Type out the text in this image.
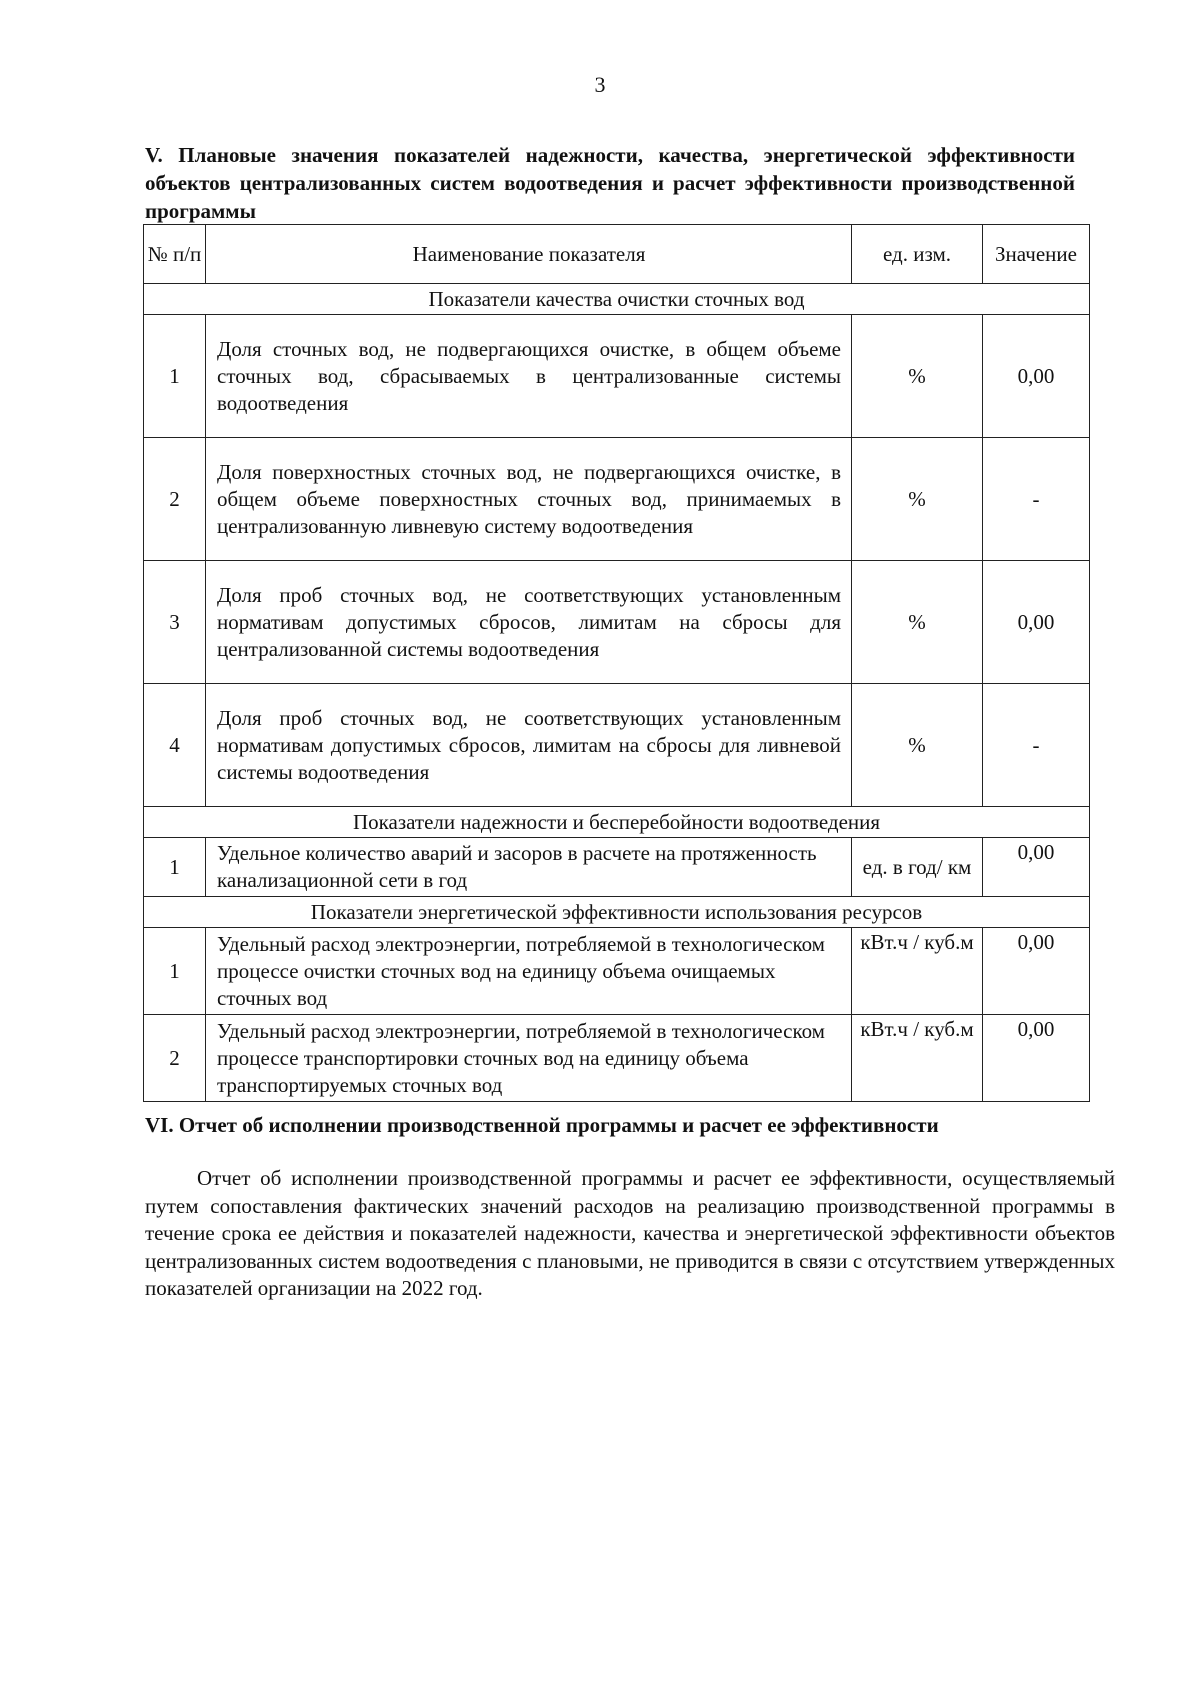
3
V. Плановые значения показателей надежности, качества, энергетической эффективности объектов централизованных систем водоотведения и расчет эффективности производственной программы
№ п/п	Наименование показателя	ед. изм.	Значение
Показатели качества очистки сточных вод			
1	Доля сточных вод, не подвергающихся очистке, в общем объеме сточных вод, сбрасываемых в централизованные системы водоотведения	%	0,00
2	Доля поверхностных сточных вод, не подвергающихся очистке, в общем объеме поверхностных сточных вод, принимаемых в централизованную ливневую систему водоотведения	%	-
3	Доля проб сточных вод, не соответствующих установленным нормативам допустимых сбросов, лимитам на сбросы для централизованной системы водоотведения	%	0,00
4	Доля проб сточных вод, не соответствующих установленным нормативам допустимых сбросов, лимитам на сбросы для ливневой системы водоотведения	%	-
Показатели надежности и бесперебойности водоотведения			
1	Удельное количество аварий и засоров в расчете на протяженность канализационной сети в год	ед. в год/ км	0,00
Показатели энергетической эффективности использования ресурсов			
1	Удельный расход электроэнергии, потребляемой в технологическом процессе очистки сточных вод на единицу объема очищаемых сточных вод	кВт.ч / куб.м	0,00
2	Удельный расход электроэнергии, потребляемой в технологическом процессе транспортировки сточных вод на единицу объема транспортируемых сточных вод	кВт.ч / куб.м	0,00
VI. Отчет об исполнении производственной программы и расчет ее эффективности
Отчет об исполнении производственной программы и расчет ее эффективности, осуществляемый путем сопоставления фактических значений расходов на реализацию производственной программы в течение срока ее действия и показателей надежности, качества и энергетической эффективности объектов централизованных систем водоотведения с плановыми, не приводится в связи с отсутствием утвержденных показателей организации на 2022 год.
